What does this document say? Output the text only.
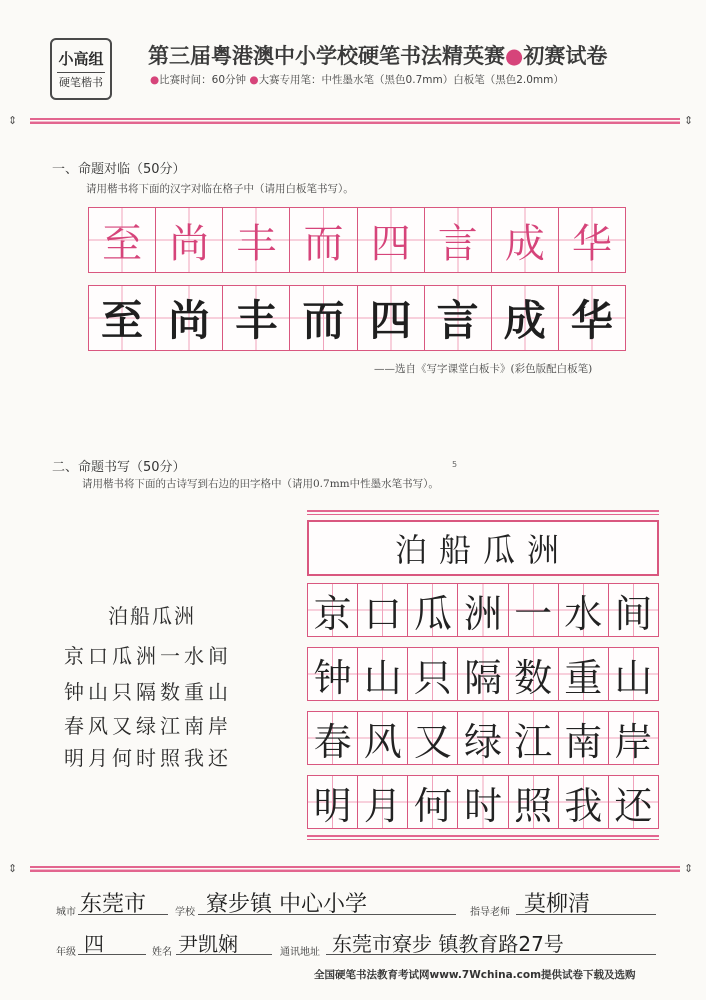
小高组
硬笔楷书
第三届粤港澳中小学校硬笔书法精英赛●初赛试卷
●比赛时间：60分钟 ●大赛专用笔：中性墨水笔（黑色0.7mm）白板笔（黑色2.0mm）
⇕	⇕
一、命题对临（50分）
请用楷书将下面的汉字对临在格子中（请用白板笔书写）。
至 尚 丰 而 四 言 成 华
至 尚 丰 而 四 言 成 华
——选自《写字课堂白板卡》(彩色版配白板笔)
二、命题书写（50分）	5
请用楷书将下面的古诗写到右边的田字格中（请用0.7mm中性墨水笔书写）。
泊船瓜洲
泊船瓜洲
京口瓜洲一水间
钟山只隔数重山
春风又绿江南岸
明月何时照我还
京 口 瓜 洲 一 水 间
钟 山 只 隔 数 重 山
春 风 又 绿 江 南 岸
明 月 何 时 照 我 还
⇕	⇕
城市 东莞市	学校 寮步镇 中心小学	指导老师 莫柳清
年级 四	姓名 尹凯娴	通讯地址 东莞市寮步 镇教育路27号
全国硬笔书法教育考试网www.7Wchina.com提供试卷下载及选购
